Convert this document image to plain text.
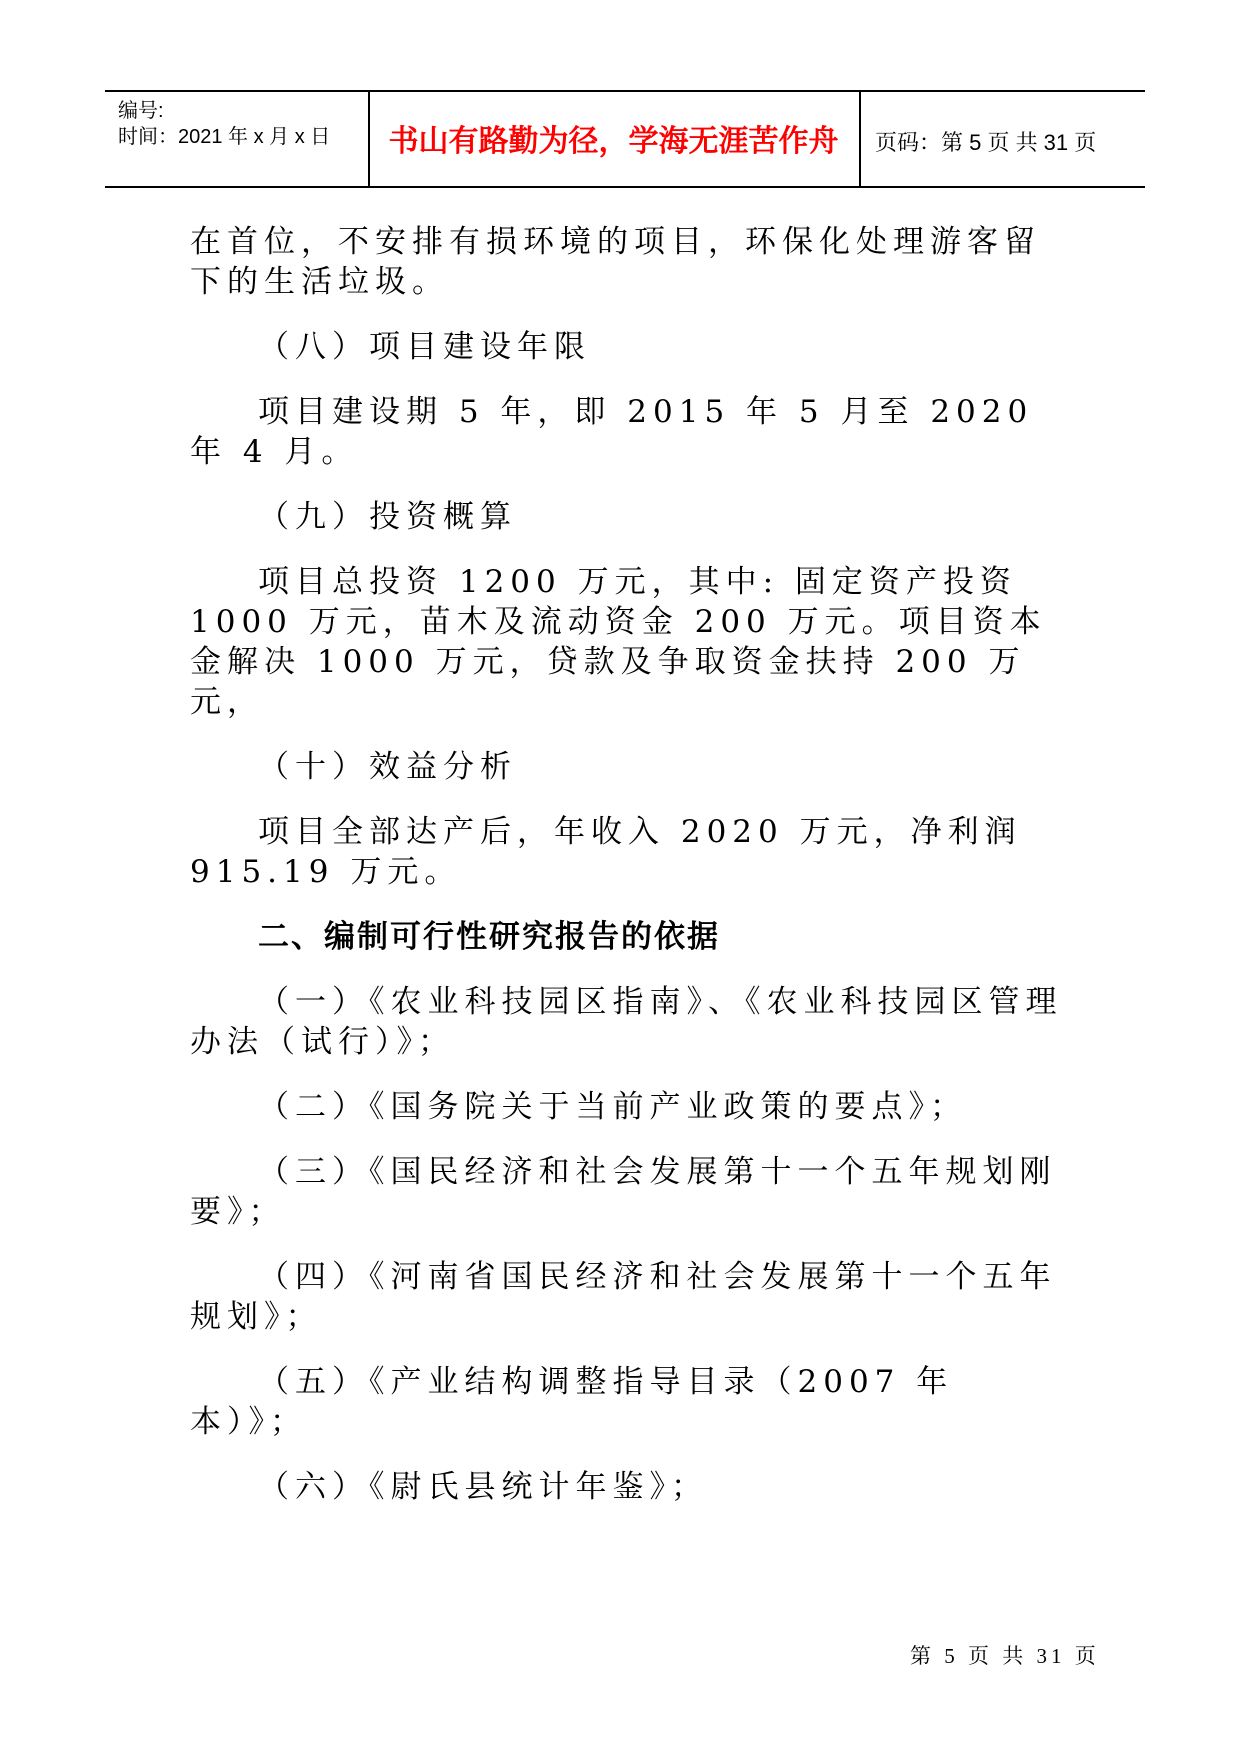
编号:
时间：2021 年 x 月 x 日	书山有路勤为径，学海无涯苦作舟	页码：第 5 页 共 31 页

在首位，不安排有损环境的项目，环保化处理游客留下的生活垃圾。

（八）项目建设年限

项目建设期 5 年，即 2015 年 5 月至 2020 年 4 月。

（九）投资概算

项目总投资 1200 万元，其中: 固定资产投资 1000 万元，苗木及流动资金 200 万元。项目资本金解决 1000 万元，贷款及争取资金扶持 200 万元，

（十）效益分析

项目全部达产后，年收入 2020 万元，净利润 915.19 万元。

二、编制可行性研究报告的依据

（一）《农业科技园区指南》、《农业科技园区管理办法（试行）》；

（二）《国务院关于当前产业政策的要点》；

（三）《国民经济和社会发展第十一个五年规划刚要》；

（四）《河南省国民经济和社会发展第十一个五年规划》；

（五）《产业结构调整指导目录（2007 年本）》；

（六）《尉氏县统计年鉴》；

第 5 页 共 31 页
